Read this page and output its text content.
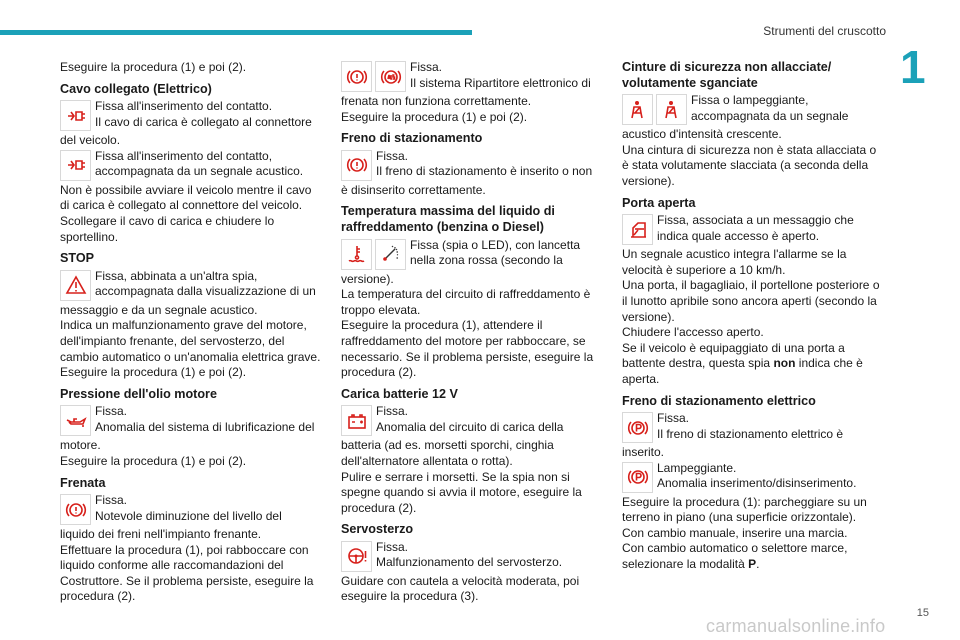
Strumenti del cruscotto
1

Eseguire la procedura (1) e poi (2).

Cavo collegato (Elettrico)
Fissa all'inserimento del contatto.
Il cavo di carica è collegato al connettore
del veicolo.
Fissa all'inserimento del contatto,
accompagnata da un segnale acustico.

Non è possibile avviare il veicolo mentre il cavo di carica è collegato al connettore del veicolo. Scollegare il cavo di carica e chiudere lo sportellino.

STOP
Fissa, abbinata a un'altra spia,
accompagnata dalla visualizzazione di un

messaggio e da un segnale acustico.

Indica un malfunzionamento grave del motore, dell'impianto frenante, del servosterzo, del cambio automatico o un'anomalia elettrica grave.

Eseguire la procedura (1) e poi (2).

Pressione dell'olio motore
Fissa.
Anomalia del sistema di lubrificazione del

motore.

Eseguire la procedura (1) e poi (2).

Frenata
Fissa.
Notevole diminuzione del livello del

liquido dei freni nell'impianto frenante.

Effettuare la procedura (1), poi rabboccare con liquido conforme alle raccomandazioni del Costruttore. Se il problema persiste, eseguire la procedura (2).

Fissa.
Il sistema Ripartitore elettronico di

frenata non funziona correttamente.

Eseguire la procedura (1) e poi (2).

Freno di stazionamento
Fissa.
Il freno di stazionamento è inserito o non

è disinserito correttamente.

Temperatura massima del liquido di raffreddamento (benzina o Diesel)
Fissa (spia o LED), con lancetta
nella zona rossa (secondo la

versione).

La temperatura del circuito di raffreddamento è troppo elevata.

Eseguire la procedura (1), attendere il raffreddamento del motore per rabboccare, se necessario. Se il problema persiste, eseguire la procedura (2).

Carica batterie 12 V
Fissa.
Anomalia del circuito di carica della

batteria (ad es. morsetti sporchi, cinghia dell'alternatore allentata o rotta).

Pulire e serrare i morsetti. Se la spia non si spegne quando si avvia il motore, eseguire la procedura (2).

Servosterzo
Fissa.
Malfunzionamento del servosterzo.

Guidare con cautela a velocità moderata, poi eseguire la procedura (3).

Cinture di sicurezza non allacciate/ volutamente sganciate
Fissa o lampeggiante,
accompagnata da un segnale

acustico d'intensità crescente.

Una cintura di sicurezza non è stata allacciata o è stata volutamente slacciata (a seconda della versione).

Porta aperta
Fissa, associata a un messaggio che
indica quale accesso è aperto.

Un segnale acustico integra l'allarme se la velocità è superiore a 10 km/h.

Una porta, il bagagliaio, il portellone posteriore o il lunotto apribile sono ancora aperti (secondo la versione).

Chiudere l'accesso aperto.

Se il veicolo è equipaggiato di una porta a battente destra, questa spia non indica che è aperta.

Freno di stazionamento elettrico
Fissa.
Il freno di stazionamento elettrico è

inserito.

Lampeggiante.
Anomalia inserimento/disinserimento.

Eseguire la procedura (1): parcheggiare su un terreno in piano (una superficie orizzontale).

Con cambio manuale, inserire una marcia.

Con cambio automatico o selettore marce, selezionare la modalità P.

15
carmanualsonline.info
